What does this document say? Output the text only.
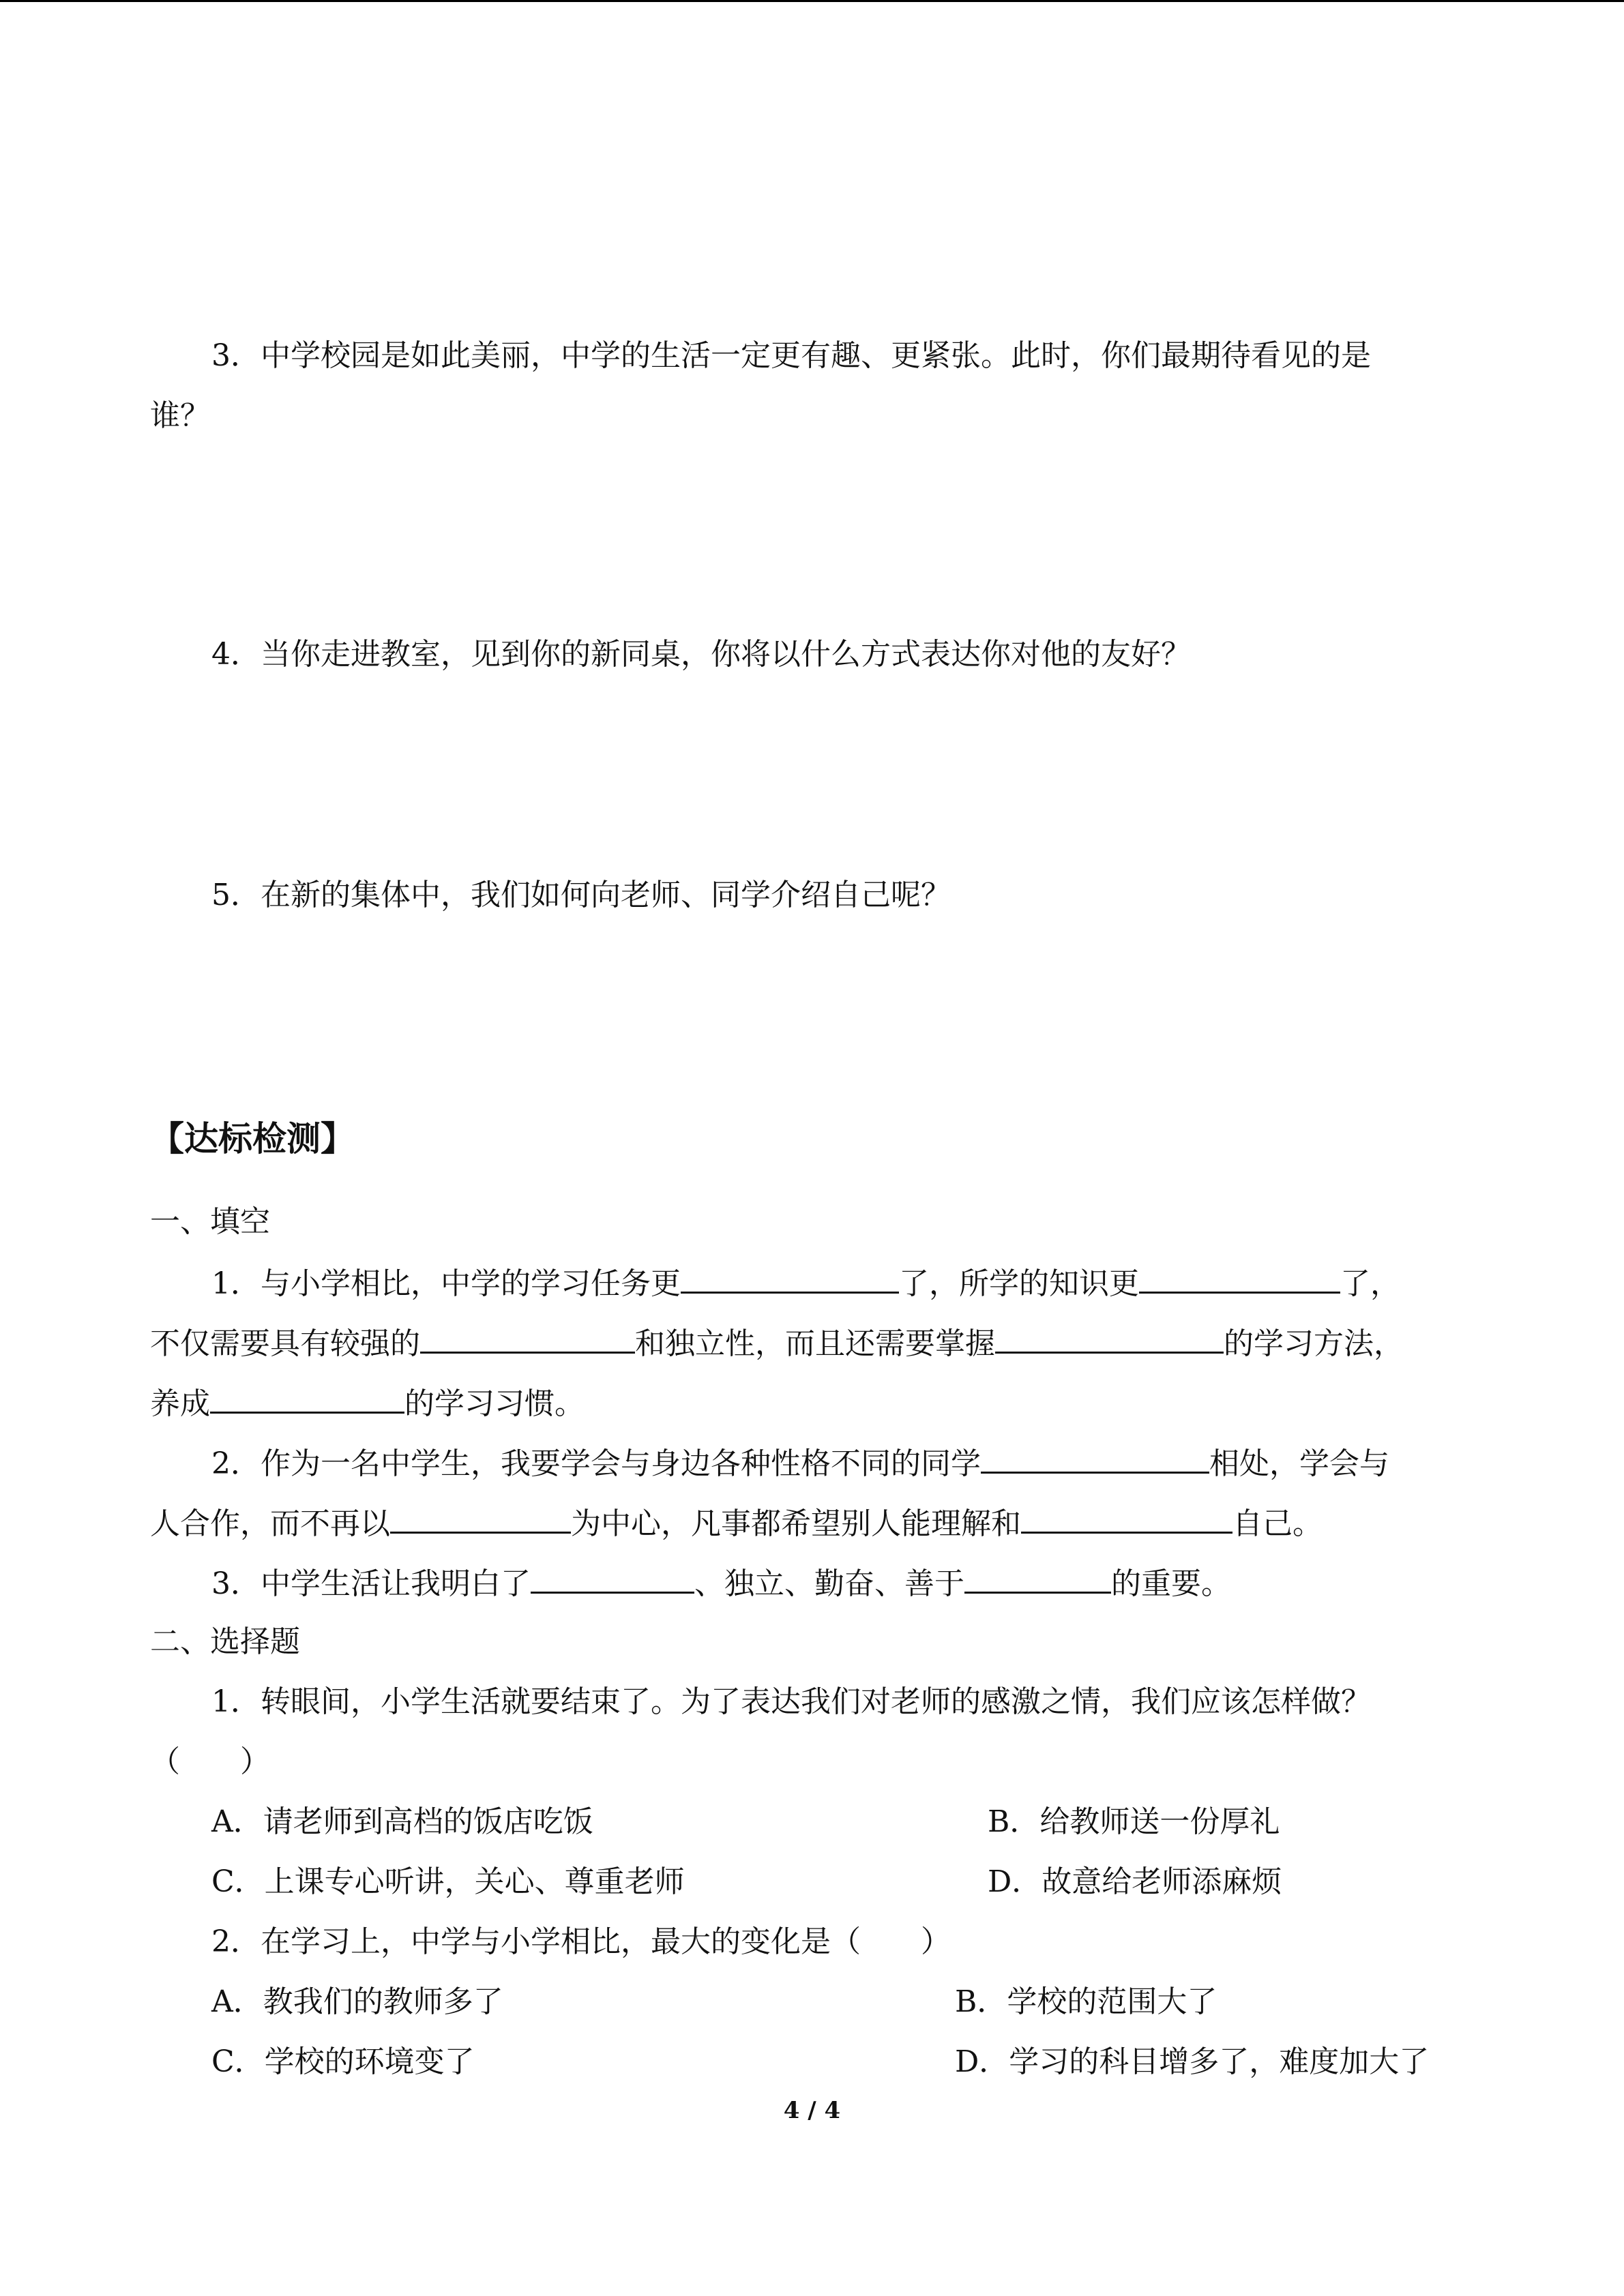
3．中学校园是如此美丽，中学的生活一定更有趣、更紧张。此时，你们最期待看见的是
谁？
4．当你走进教室，见到你的新同桌，你将以什么方式表达你对他的友好？
5．在新的集体中，我们如何向老师、同学介绍自己呢？
【达标检测】
一、填空
1．与小学相比，中学的学习任务更	了，所学的知识更	了，
不仅需要具有较强的	和独立性，而且还需要掌握	的学习方法，
养成	的学习习惯。
2．作为一名中学生，我要学会与身边各种性格不同的同学	相处，学会与
人合作，而不再以	为中心，凡事都希望别人能理解和	自己。
3．中学生活让我明白了	、独立、勤奋、善于	的重要。
二、选择题
1．转眼间，小学生活就要结束了。为了表达我们对老师的感激之情，我们应该怎样做？
（　　）
A．请老师到高档的饭店吃饭	B．给教师送一份厚礼
C．上课专心听讲，关心、尊重老师	D．故意给老师添麻烦
2．在学习上，中学与小学相比，最大的变化是（　　）
A．教我们的教师多了	B．学校的范围大了
C．学校的环境变了	D．学习的科目增多了，难度加大了
4 / 4
